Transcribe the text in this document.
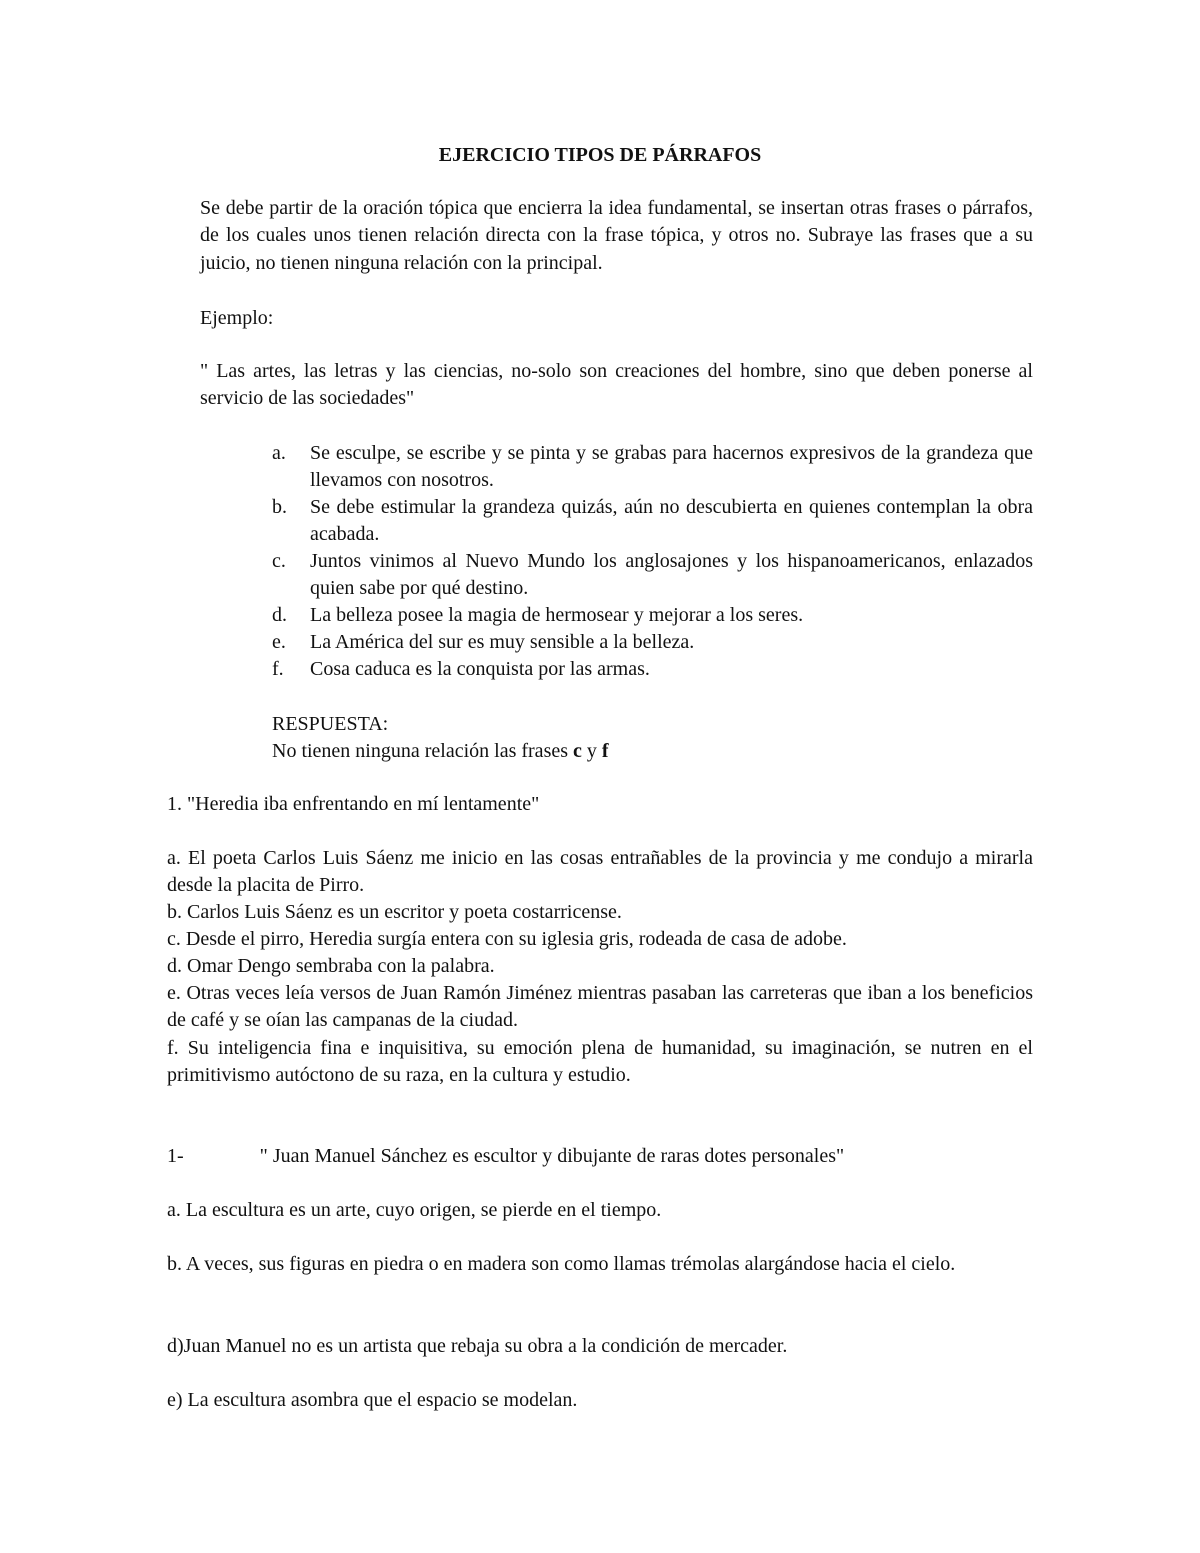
EJERCICIO TIPOS DE PÁRRAFOS
Se debe partir de la oración tópica que encierra la idea fundamental, se insertan otras frases o párrafos, de los cuales unos tienen relación directa con la frase tópica, y otros no. Subraye las frases que a su juicio, no tienen ninguna relación con la principal.
Ejemplo:
" Las artes, las letras y las ciencias, no-solo son creaciones del hombre, sino que deben ponerse al servicio de las sociedades"
a. Se esculpe, se escribe y se pinta y se grabas para hacernos expresivos de la grandeza que llevamos con nosotros.
b. Se debe estimular la grandeza quizás, aún no descubierta en quienes contemplan la obra acabada.
c. Juntos vinimos al Nuevo Mundo los anglosajones y los hispanoamericanos, enlazados quien sabe por qué destino.
d. La belleza posee la magia de hermosear y mejorar a los seres.
e. La América del sur es muy sensible a la belleza.
f. Cosa caduca es la conquista por las armas.
RESPUESTA:
No tienen ninguna relación las frases c y f
1. "Heredia iba enfrentando en mí lentamente"
a. El poeta Carlos Luis Sáenz me inicio en las cosas entrañables de la provincia y me condujo a mirarla desde la placita de Pirro.
b. Carlos Luis Sáenz es un escritor y poeta costarricense.
c. Desde el pirro, Heredia surgía entera con su iglesia gris, rodeada de casa de adobe.
d. Omar Dengo sembraba con la palabra.
e. Otras veces leía versos de Juan Ramón Jiménez mientras pasaban las carreteras que iban a los beneficios de café y se oían las campanas de la ciudad.
f. Su inteligencia fina e inquisitiva, su emoción plena de humanidad, su imaginación, se nutren en el primitivismo autóctono de su raza, en la cultura y estudio.
1-	" Juan Manuel Sánchez es escultor y dibujante de raras dotes personales"
a. La escultura es un arte, cuyo origen, se pierde en el tiempo.
b. A veces, sus figuras en piedra o en madera son como llamas trémolas alargándose hacia el cielo.
d)Juan Manuel no es un artista que rebaja su obra a la condición de mercader.
e) La escultura asombra que el espacio se modelan.
